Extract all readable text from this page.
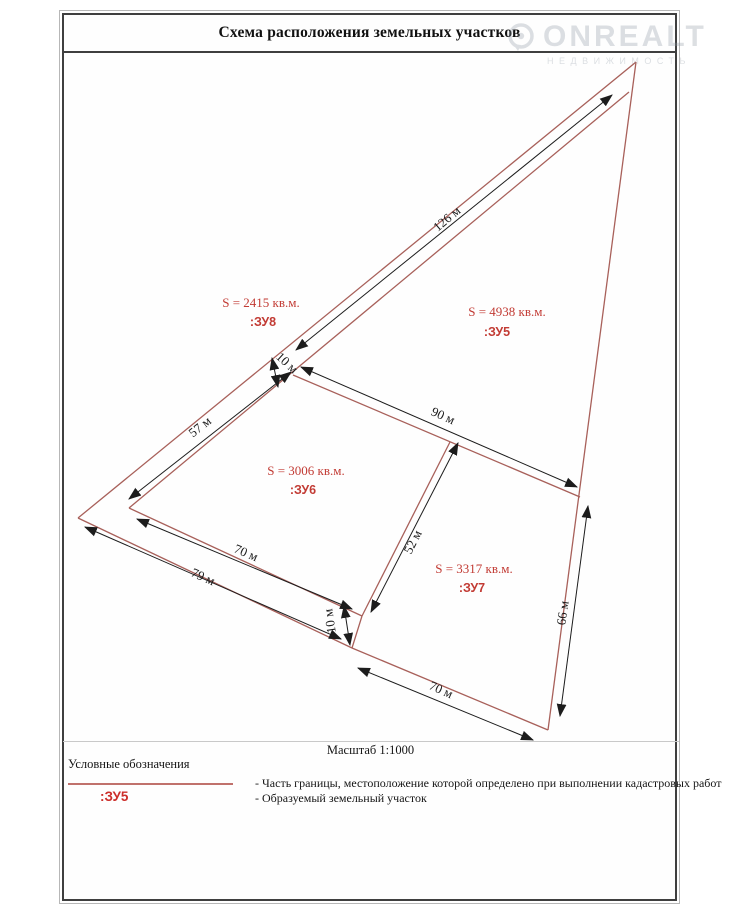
Схема расположения земельных участков ONREALT
НЕДВИЖИМОСТЬ
126 м
57 м
10 м
90 м
52 м
70 м
79 м
10 м
70 м
66 м
S = 2415 кв.м.
:ЗУ8
S = 4938 кв.м.
:ЗУ5
S = 3006 кв.м.
:ЗУ6
S = 3317 кв.м.
:ЗУ7
Масштаб 1:1000
Условные обозначения
- Часть границы, местоположение которой определено при выполнении кадастровых работ
:ЗУ5	- Образуемый земельный участок
